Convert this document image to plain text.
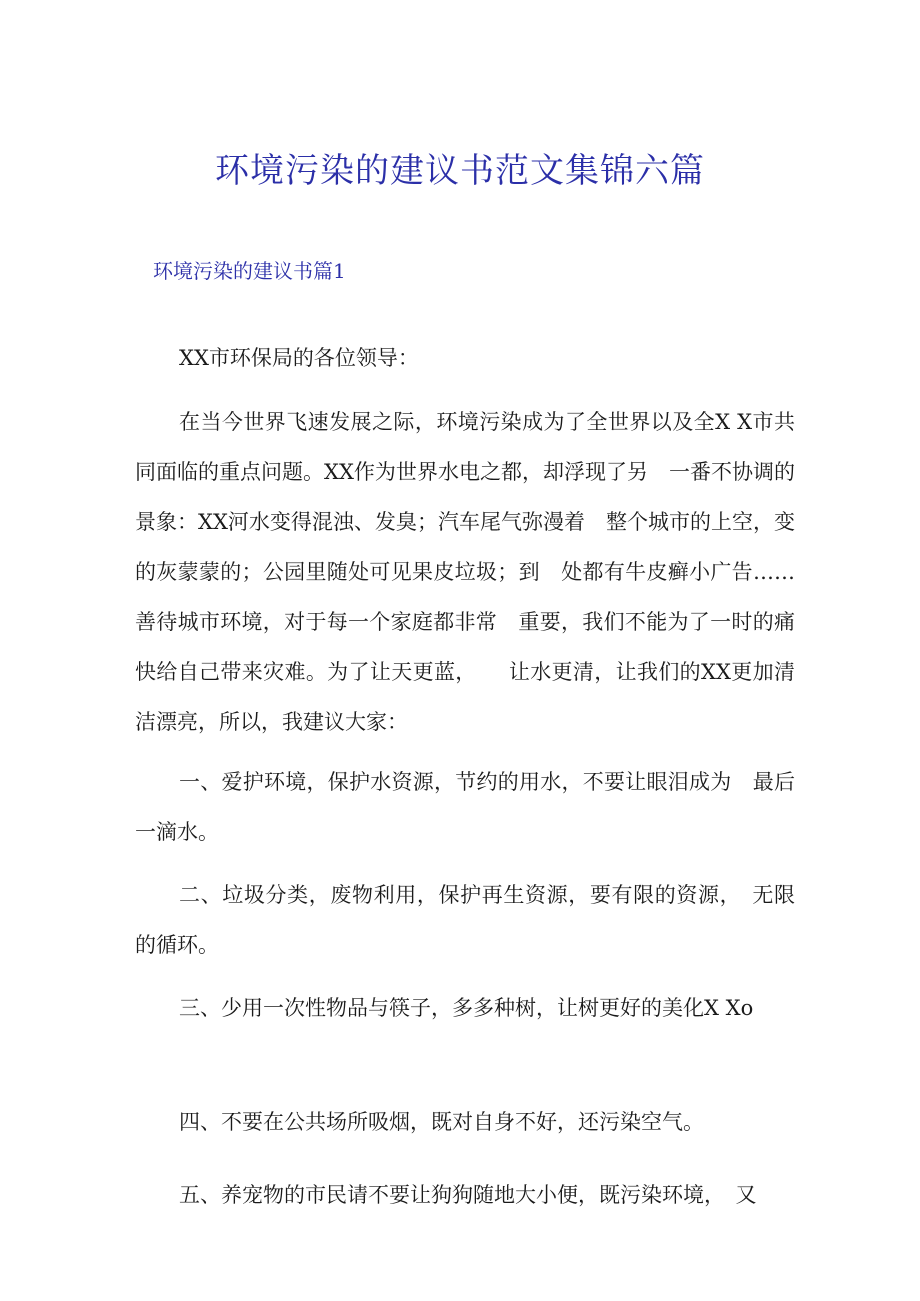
环境污染的建议书范文集锦六篇
环境污染的建议书篇1

XX市环保局的各位领导：

在当今世界飞速发展之际，环境污染成为了全世界以及全X X市共同面临的重点问题。XX作为世界水电之都，却浮现了另　一番不协调的景象：XX河水变得混浊、发臭；汽车尾气弥漫着　整个城市的上空，变的灰蒙蒙的；公园里随处可见果皮垃圾；到　处都有牛皮癣小广告……善待城市环境，对于每一个家庭都非常　重要，我们不能为了一时的痛快给自己带来灾难。为了让天更蓝，　　让水更清，让我们的XX更加清洁漂亮，所以，我建议大家：

一、爱护环境，保护水资源，节约的用水，不要让眼泪成为　最后一滴水。

二、垃圾分类，废物利用，保护再生资源，要有限的资源，　无限的循环。

三、少用一次性物品与筷子，多多种树，让树更好的美化X Xo

四、不要在公共场所吸烟，既对自身不好，还污染空气。

五、养宠物的市民请不要让狗狗随地大小便，既污染环境，　又
